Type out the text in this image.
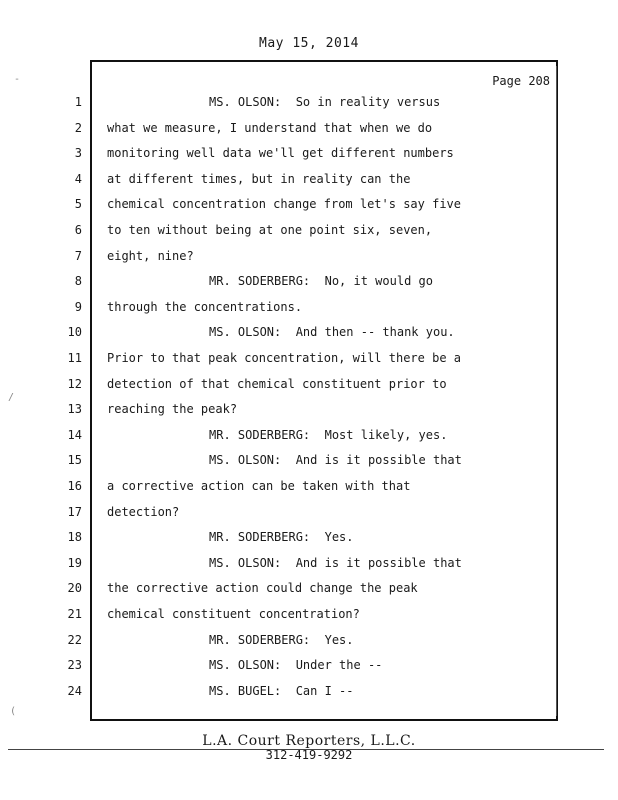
May 15, 2014
Page 208
1
2
3
4
5
6
7
8
9
10
11
12
13
14
15
16
17
18
19
20
21
22
23
24
MS. OLSON:  So in reality versus
what we measure, I understand that when we do
monitoring well data we'll get different numbers
at different times, but in reality can the
chemical concentration change from let's say five
to ten without being at one point six, seven,
eight, nine?
MR. SODERBERG:  No, it would go
through the concentrations.
MS. OLSON:  And then -- thank you.
Prior to that peak concentration, will there be a
detection of that chemical constituent prior to
reaching the peak?
MR. SODERBERG:  Most likely, yes.
MS. OLSON:  And is it possible that
a corrective action can be taken with that
detection?
MR. SODERBERG:  Yes.
MS. OLSON:  And is it possible that
the corrective action could change the peak
chemical constituent concentration?
MR. SODERBERG:  Yes.
MS. OLSON:  Under the --
MS. BUGEL:  Can I --
L.A. Court Reporters, L.L.C.
312-419-9292
-
/
(
